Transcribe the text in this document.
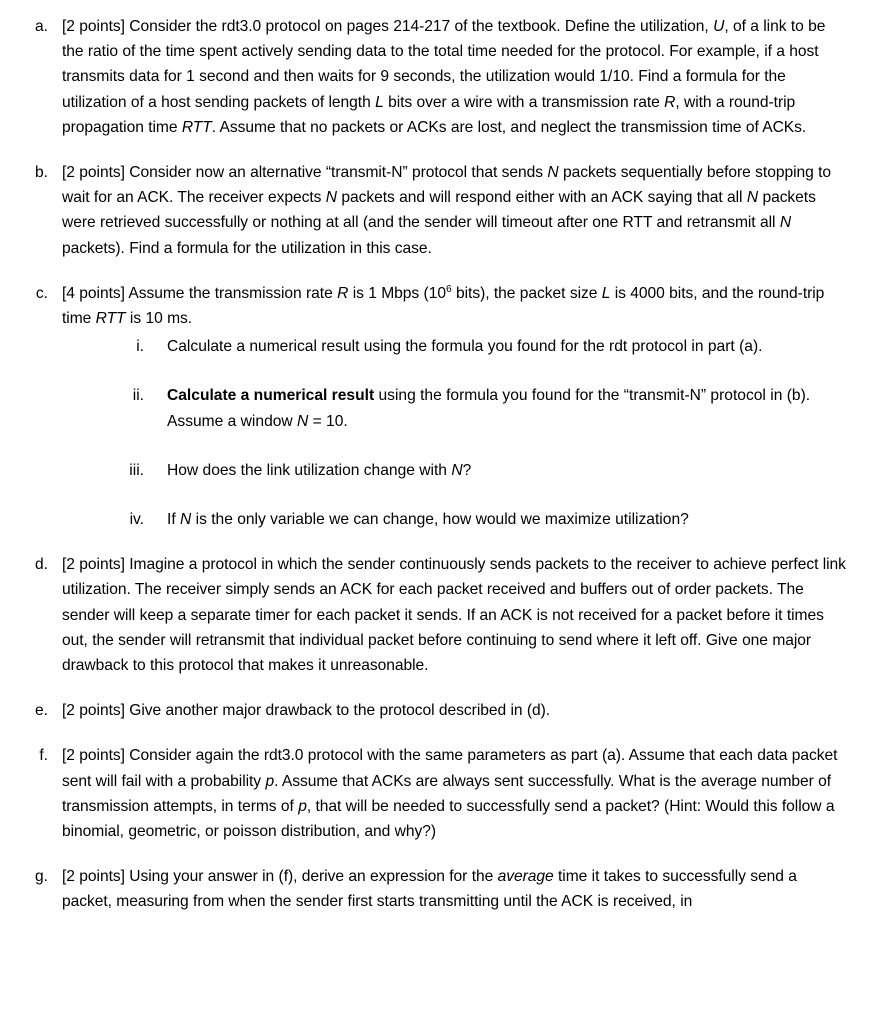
a. [2 points] Consider the rdt3.0 protocol on pages 214-217 of the textbook. Define the utilization, U, of a link to be the ratio of the time spent actively sending data to the total time needed for the protocol. For example, if a host transmits data for 1 second and then waits for 9 seconds, the utilization would 1/10. Find a formula for the utilization of a host sending packets of length L bits over a wire with a transmission rate R, with a round-trip propagation time RTT. Assume that no packets or ACKs are lost, and neglect the transmission time of ACKs.
b. [2 points] Consider now an alternative “transmit-N” protocol that sends N packets sequentially before stopping to wait for an ACK. The receiver expects N packets and will respond either with an ACK saying that all N packets were retrieved successfully or nothing at all (and the sender will timeout after one RTT and retransmit all N packets). Find a formula for the utilization in this case.
c. [4 points] Assume the transmission rate R is 1 Mbps ($10^6$ bits), the packet size L is 4000 bits, and the round-trip time RTT is 10 ms.
i. Calculate a numerical result using the formula you found for the rdt protocol in part (a).
ii. Calculate a numerical result using the formula you found for the “transmit-N” protocol in (b). Assume a window N = 10.
iii. How does the link utilization change with N?
iv. If N is the only variable we can change, how would we maximize utilization?
d. [2 points] Imagine a protocol in which the sender continuously sends packets to the receiver to achieve perfect link utilization. The receiver simply sends an ACK for each packet received and buffers out of order packets. The sender will keep a separate timer for each packet it sends. If an ACK is not received for a packet before it times out, the sender will retransmit that individual packet before continuing to send where it left off. Give one major drawback to this protocol that makes it unreasonable.
e. [2 points] Give another major drawback to the protocol described in (d).
f. [2 points] Consider again the rdt3.0 protocol with the same parameters as part (a). Assume that each data packet sent will fail with a probability p. Assume that ACKs are always sent successfully. What is the average number of transmission attempts, in terms of p, that will be needed to successfully send a packet? (Hint: Would this follow a binomial, geometric, or poisson distribution, and why?)
g. [2 points] Using your answer in (f), derive an expression for the average time it takes to successfully send a packet, measuring from when the sender first starts transmitting until the ACK is received, in
